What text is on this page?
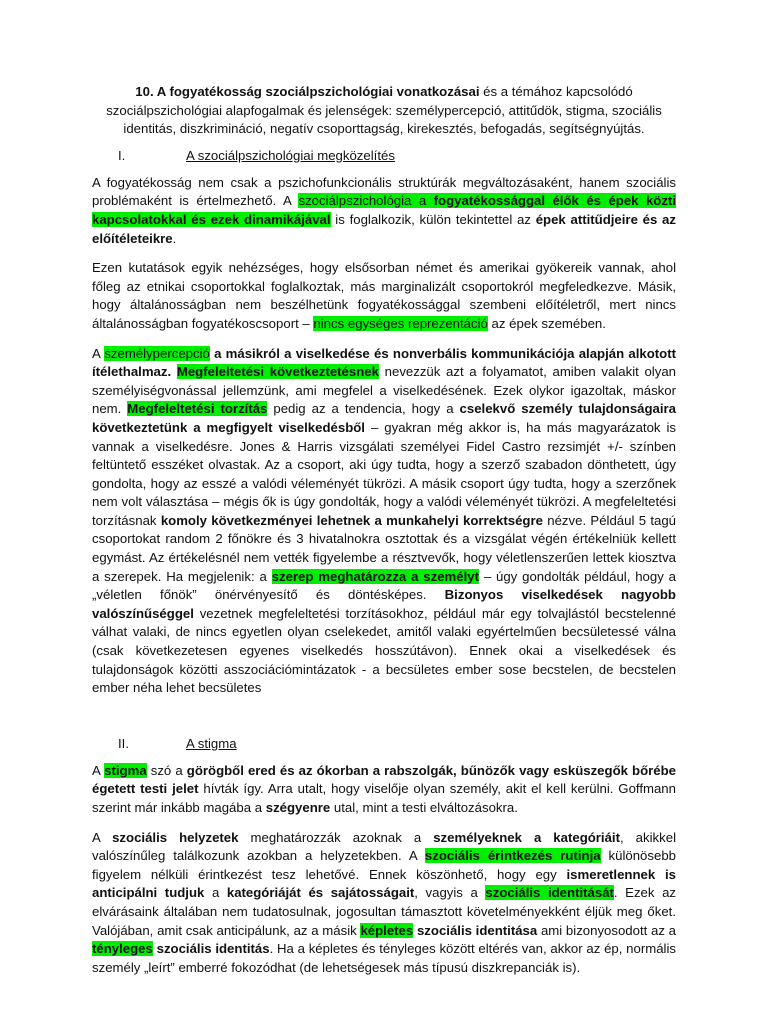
10. A fogyatékosság szociálpszichológiai vonatkozásai és a témához kapcsolódó szociálpszichológiai alapfogalmak és jelenségek: személypercepció, attitűdök, stigma, szociális identitás, diszkrimináció, negatív csoporttagság, kirekesztés, befogadás, segítségnyújtás.
I.	A szociálpszichológiai megközelítés

A fogyatékosság nem csak a pszichofunkcionális struktúrák megváltozásaként, hanem szociális problémaként is értelmezhető. A szociálpszichológia a fogyatékossággal élők és épek közti kapcsolatokkal és ezek dinamikájával is foglalkozik, külön tekintettel az épek attitűdjeire és az előítéleteikre.

Ezen kutatások egyik nehézséges, hogy elsősorban német és amerikai gyökereik vannak, ahol főleg az etnikai csoportokkal foglalkoztak, más marginalizált csoportokról megfeledkezve. Másik, hogy általánosságban nem beszélhetünk fogyatékossággal szembeni előítéletről, mert nincs általánosságban fogyatékoscsoport – nincs egységes reprezentáció az épek szemében.

A személypercepció a másikról a viselkedése és nonverbális kommunikációja alapján alkotott ítélethalmaz. Megfeleltetési következtetésnek nevezzük azt a folyamatot, amiben valakit olyan személyiségvonással jellemzünk, ami megfelel a viselkedésének. Ezek olykor igazoltak, máskor nem. Megfeleltetési torzítás pedig az a tendencia, hogy a cselekvő személy tulajdonságaira következtetünk a megfigyelt viselkedésből – gyakran még akkor is, ha más magyarázatok is vannak a viselkedésre. Jones & Harris vizsgálati személyei Fidel Castro rezsimjét +/- színben feltüntető esszéket olvastak. Az a csoport, aki úgy tudta, hogy a szerző szabadon dönthetett, úgy gondolta, hogy az esszé a valódi véleményét tükrözi. A másik csoport úgy tudta, hogy a szerzőnek nem volt választása – mégis ők is úgy gondolták, hogy a valódi véleményét tükrözi. A megfeleltetési torzításnak komoly következményei lehetnek a munkahelyi korrektségre nézve. Például 5 tagú csoportokat random 2 főnökre és 3 hivatalnokra osztottak és a vizsgálat végén értékelniük kellett egymást. Az értékelésnél nem vették figyelembe a résztvevők, hogy véletlenszerűen lettek kiosztva a szerepek. Ha megjelenik: a szerep meghatározza a személyt – úgy gondolták például, hogy a „véletlen főnök” önérvényesítő és döntésképes. Bizonyos viselkedések nagyobb valószínűséggel vezetnek megfeleltetési torzításokhoz, például már egy tolvajlástól becstelenné válhat valaki, de nincs egyetlen olyan cselekedet, amitől valaki egyértelműen becsületessé válna (csak következetesen egyenes viselkedés hosszútávon). Ennek okai a viselkedések és tulajdonságok közötti asszociációmintázatok - a becsületes ember sose becstelen, de becstelen ember néha lehet becsületes

II.	A stigma

A stigma szó a görögből ered és az ókorban a rabszolgák, bűnözők vagy esküszegők bőrébe égetett testi jelet hívták így. Arra utalt, hogy viselője olyan személy, akit el kell kerülni. Goffmann szerint már inkább magába a szégyenre utal, mint a testi elváltozásokra.

A szociális helyzetek meghatározzák azoknak a személyeknek a kategóriáit, akikkel valószínűleg találkozunk azokban a helyzetekben. A szociális érintkezés rutinja különösebb figyelem nélküli érintkezést tesz lehetővé. Ennek köszönhető, hogy egy ismeretlennek is anticipálni tudjuk a kategóriáját és sajátosságait, vagyis a szociális identitását. Ezek az elvárásaink általában nem tudatosulnak, jogosultan támasztott követelményekként éljük meg őket. Valójában, amit csak anticipálunk, az a másik képletes szociális identitása ami bizonyosodott az a tényleges szociális identitás. Ha a képletes és tényleges között eltérés van, akkor az ép, normális személy „leírt” emberré fokozódhat (de lehetségesek más típusú diszkrepanciák is).
